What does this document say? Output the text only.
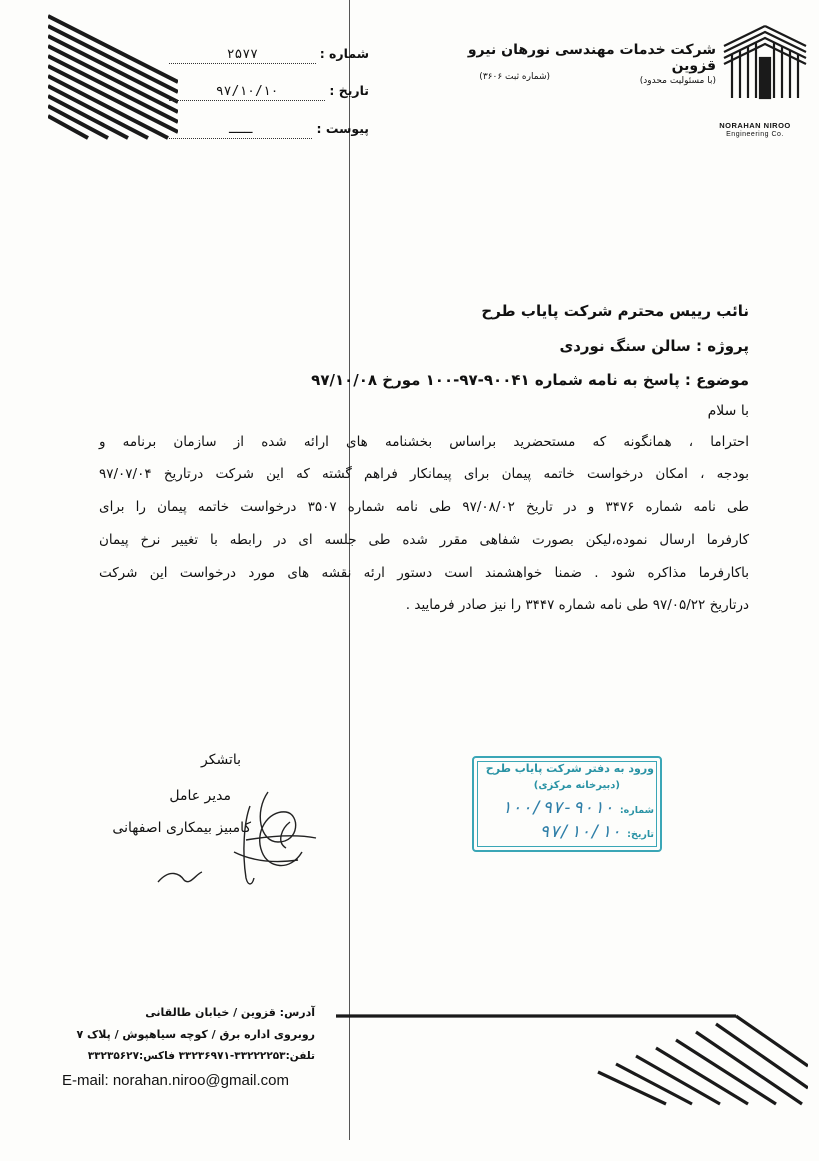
NORAHAN NIROO
Engineering Co.
شرکت خدمات مهندسی نورهان نیرو قزوین
(با مسئولیت محدود)
(شماره ثبت ۳۶۰۶)
شماره :
۲۵۷۷
تاریخ :
۹۷/۱۰/۱۰
پیوست :
ـــ
نائب رییس محترم شرکت پایاب طرح
پروژه : سالن سنگ نوردی
موضوع : پاسخ به نامه شماره ۹۰۰۴۱-۹۷-۱۰۰ مورخ ۹۷/۱۰/۰۸
با سلام
احتراما ، همانگونه که مستحضرید براساس بخشنامه های ارائه شده از سازمان برنامه و
بودجه ، امکان درخواست خاتمه پیمان برای پیمانکار فراهم گشته که این شرکت درتاریخ ۹۷/۰۷/۰۴
طی نامه شماره ۳۴۷۶ و در تاریخ ۹۷/۰۸/۰۲ طی نامه شماره ۳۵۰۷ درخواست خاتمه پیمان را برای
کارفرما ارسال نموده،لیکن بصورت شفاهی مقرر شده طی جلسه ای در رابطه با تغییر نرخ پیمان
باکارفرما مذاکره شود . ضمنا خواهشمند است دستور ارئه نقشه های مورد درخواست این شرکت
درتاریخ ۹۷/۰۵/۲۲ طی نامه شماره ۳۴۴۷ را نیز صادر فرمایید .
باتشکر
مدیر عامل
کامبیز بیمکاری اصفهانی
ورود به دفتر شرکت پایاب طرح
(دبیرخانه مرکزی)
شماره:
۱۰۰/۹۷-۹۰۱۰
تاریخ:
۹۷/۱۰/۱۰
آدرس: قزوین / خیابان طالقانی
روبروی اداره برق / کوچه سیاهپوش / پلاک ۷
تلفن:۳۳۲۲۲۲۵۳-۳۳۲۳۶۹۷۱ فاکس:۳۳۲۳۵۶۲۷
E-mail: norahan.niroo@gmail.com
